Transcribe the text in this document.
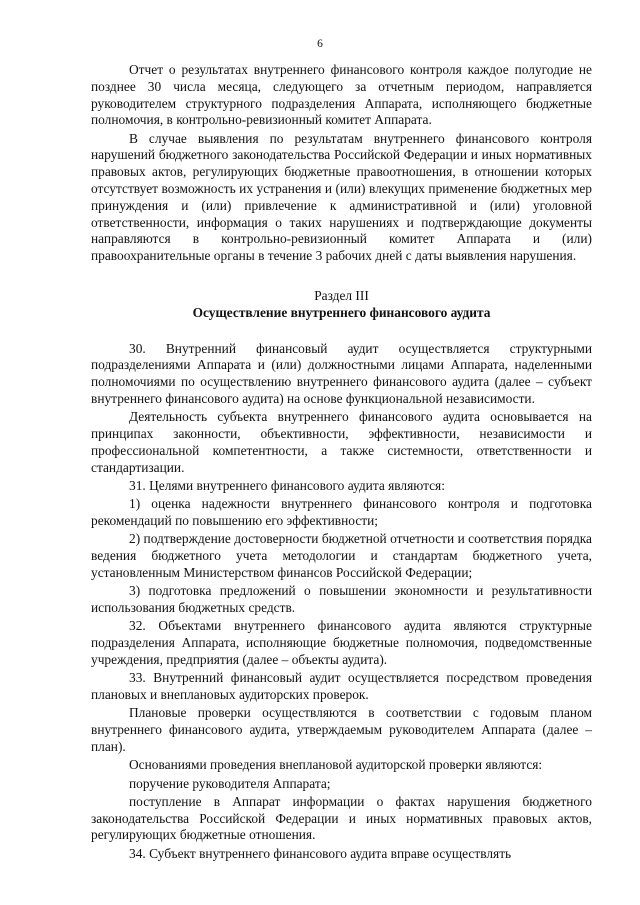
6

Отчет о результатах внутреннего финансового контроля каждое полугодие не позднее 30 числа месяца, следующего за отчетным периодом, направляется руководителем структурного подразделения Аппарата, исполняющего бюджетные полномочия, в контрольно-ревизионный комитет Аппарата.

В случае выявления по результатам внутреннего финансового контроля нарушений бюджетного законодательства Российской Федерации и иных нормативных правовых актов, регулирующих бюджетные правоотношения, в отношении которых отсутствует возможность их устранения и (или) влекущих применение бюджетных мер принуждения и (или) привлечение к административной и (или) уголовной ответственности, информация о таких нарушениях и подтверждающие документы направляются в контрольно-ревизионный комитет Аппарата и (или) правоохранительные органы в течение 3 рабочих дней с даты выявления нарушения.

Раздел III
Осуществление внутреннего финансового аудита

30. Внутренний финансовый аудит осуществляется структурными подразделениями Аппарата и (или) должностными лицами Аппарата, наделенными полномочиями по осуществлению внутреннего финансового аудита (далее – субъект внутреннего финансового аудита) на основе функциональной независимости.

Деятельность субъекта внутреннего финансового аудита основывается на принципах законности, объективности, эффективности, независимости и профессиональной компетентности, а также системности, ответственности и стандартизации.

31. Целями внутреннего финансового аудита являются:

1) оценка надежности внутреннего финансового контроля и подготовка рекомендаций по повышению его эффективности;

2) подтверждение достоверности бюджетной отчетности и соответствия порядка ведения бюджетного учета методологии и стандартам бюджетного учета, установленным Министерством финансов Российской Федерации;

3) подготовка предложений о повышении экономности и результативности использования бюджетных средств.

32. Объектами внутреннего финансового аудита являются структурные подразделения Аппарата, исполняющие бюджетные полномочия, подведомственные учреждения, предприятия (далее – объекты аудита).

33. Внутренний финансовый аудит осуществляется посредством проведения плановых и внеплановых аудиторских проверок.

Плановые проверки осуществляются в соответствии с годовым планом внутреннего финансового аудита, утверждаемым руководителем Аппарата (далее – план).

Основаниями проведения внеплановой аудиторской проверки являются:

поручение руководителя Аппарата;

поступление в Аппарат информации о фактах нарушения бюджетного законодательства Российской Федерации и иных нормативных правовых актов, регулирующих бюджетные отношения.

34. Субъект внутреннего финансового аудита вправе осуществлять
